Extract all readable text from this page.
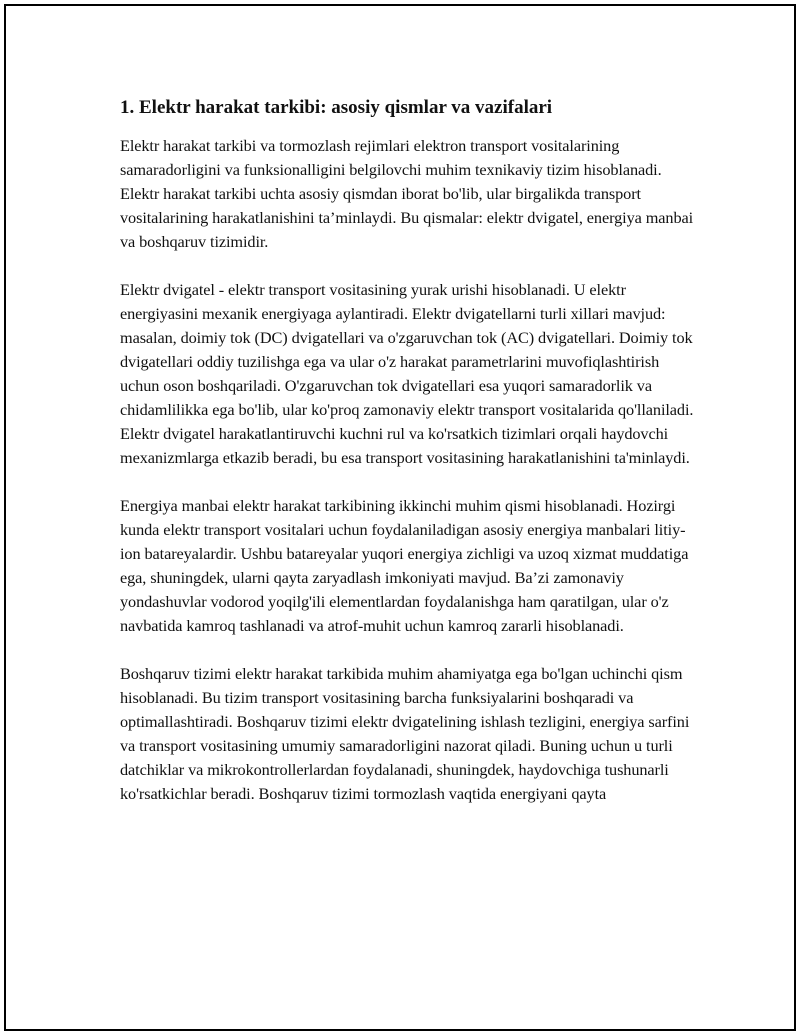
1. Elektr harakat tarkibi: asosiy qismlar va vazifalari

Elektr harakat tarkibi va tormozlash rejimlari elektron transport vositalarining samaradorligini va funksionalligini belgilovchi muhim texnikaviy tizim hisoblanadi. Elektr harakat tarkibi uchta asosiy qismdan iborat bo'lib, ular birgalikda transport vositalarining harakatlanishini ta’minlaydi. Bu qismalar: elektr dvigatel, energiya manbai va boshqaruv tizimidir.

Elektr dvigatel - elektr transport vositasining yurak urishi hisoblanadi. U elektr energiyasini mexanik energiyaga aylantiradi. Elektr dvigatellarni turli xillari mavjud: masalan, doimiy tok (DC) dvigatellari va o'zgaruvchan tok (AC) dvigatellari. Doimiy tok dvigatellari oddiy tuzilishga ega va ular o'z harakat parametrlarini muvofiqlashtirish uchun oson boshqariladi. O'zgaruvchan tok dvigatellari esa yuqori samaradorlik va chidamlilikka ega bo'lib, ular ko'proq zamonaviy elektr transport vositalarida qo'llaniladi. Elektr dvigatel harakatlantiruvchi kuchni rul va ko'rsatkich tizimlari orqali haydovchi mexanizmlarga etkazib beradi, bu esa transport vositasining harakatlanishini ta'minlaydi.

Energiya manbai elektr harakat tarkibining ikkinchi muhim qismi hisoblanadi. Hozirgi kunda elektr transport vositalari uchun foydalaniladigan asosiy energiya manbalari litiy-ion batareyalardir. Ushbu batareyalar yuqori energiya zichligi va uzoq xizmat muddatiga ega, shuningdek, ularni qayta zaryadlash imkoniyati mavjud. Ba’zi zamonaviy yondashuvlar vodorod yoqilg'ili elementlardan foydalanishga ham qaratilgan, ular o'z navbatida kamroq tashlanadi va atrof-muhit uchun kamroq zararli hisoblanadi.

Boshqaruv tizimi elektr harakat tarkibida muhim ahamiyatga ega bo'lgan uchinchi qism hisoblanadi. Bu tizim transport vositasining barcha funksiyalarini boshqaradi va optimallashtiradi. Boshqaruv tizimi elektr dvigatelining ishlash tezligini, energiya sarfini va transport vositasining umumiy samaradorligini nazorat qiladi. Buning uchun u turli datchiklar va mikrokontrollerlardan foydalanadi, shuningdek, haydovchiga tushunarli ko'rsatkichlar beradi. Boshqaruv tizimi tormozlash vaqtida energiyani qayta
